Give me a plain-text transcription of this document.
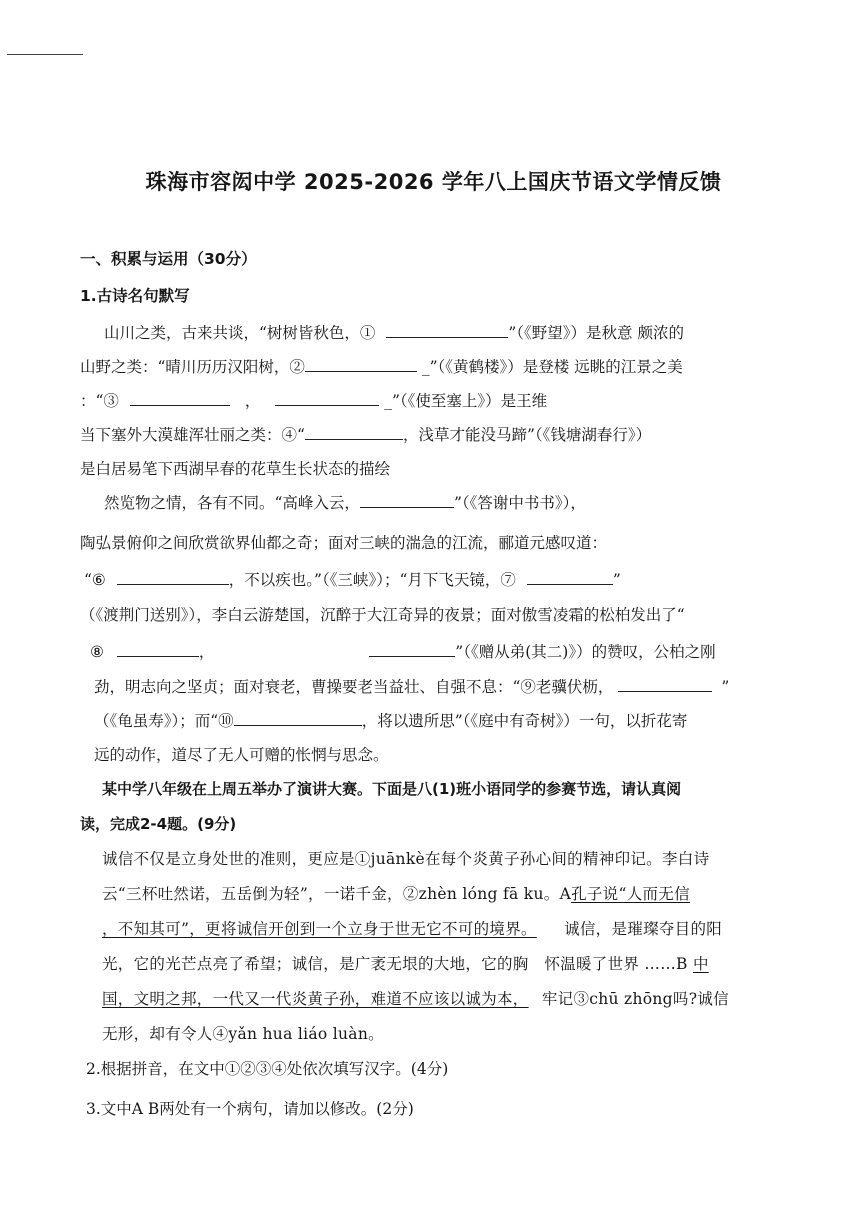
珠海市容闳中学 2025-2026 学年八上国庆节语文学情反馈
一、积累与运用（30分）
1.古诗名句默写
山川之类，古来共谈，“树树皆秋色，①	”（《野望》）是秋意 颇浓的
山野之类：“晴川历历汉阳树，②	_”（《黄鹤楼》）是登楼 远眺的江景之美
：“③	，	_”（《使至塞上》）是王维
当下塞外大漠雄浑壮丽之类：④“	，浅草才能没马蹄”（《钱塘湖春行》）
是白居易笔下西湖早春的花草生长状态的描绘
然览物之情，各有不同。“高峰入云，	”（《答谢中书书》），
陶弘景俯仰之间欣赏欲界仙都之奇；面对三峡的湍急的江流，郦道元感叹道：
“⑥	，不以疾也。”（《三峡》）；“月下飞天镜，⑦	”
（《渡荆门送别》），李白云游楚国，沉醉于大江奇异的夜景；面对傲雪凌霜的松柏发出了“
⑧	，	”（《赠从弟(其二)》）的赞叹，公柏之刚
劲，明志向之坚贞；面对衰老，曹操要老当益壮、自强不息：“⑨老骥伏枥，	”
（《龟虽寿》）；而“⑩	，将以遗所思”（《庭中有奇树》）一句，以折花寄
远的动作，道尽了无人可赠的怅惘与思念。
某中学八年级在上周五举办了演讲大赛。下面是八(1)班小语同学的参赛节选，请认真阅
读，完成2-4题。(9分)
诚信不仅是立身处世的准则，更应是①juānkè在每个炎黄子孙心间的精神印记。李白诗
云“三杯吐然诺，五岳倒为轻”，一诺千金，②zhèn lóng fā ku。A孔子说“人而无信
，不知其可”，更将诚信开创到一个立身于世无它不可的境界。 诚信，是璀璨夺目的阳
光，它的光芒点亮了希望；诚信，是广袤无垠的大地，它的胸　怀温暖了世界 ……B 中
国，文明之邦，一代又一代炎黄子孙，难道不应该以诚为本， 牢记③chū zhōng吗?诚信
无形，却有令人④yǎn hua liáo luàn。
2.根据拼音，在文中①②③④处依次填写汉字。(4分)
3.文中A B两处有一个病句，请加以修改。(2分)
